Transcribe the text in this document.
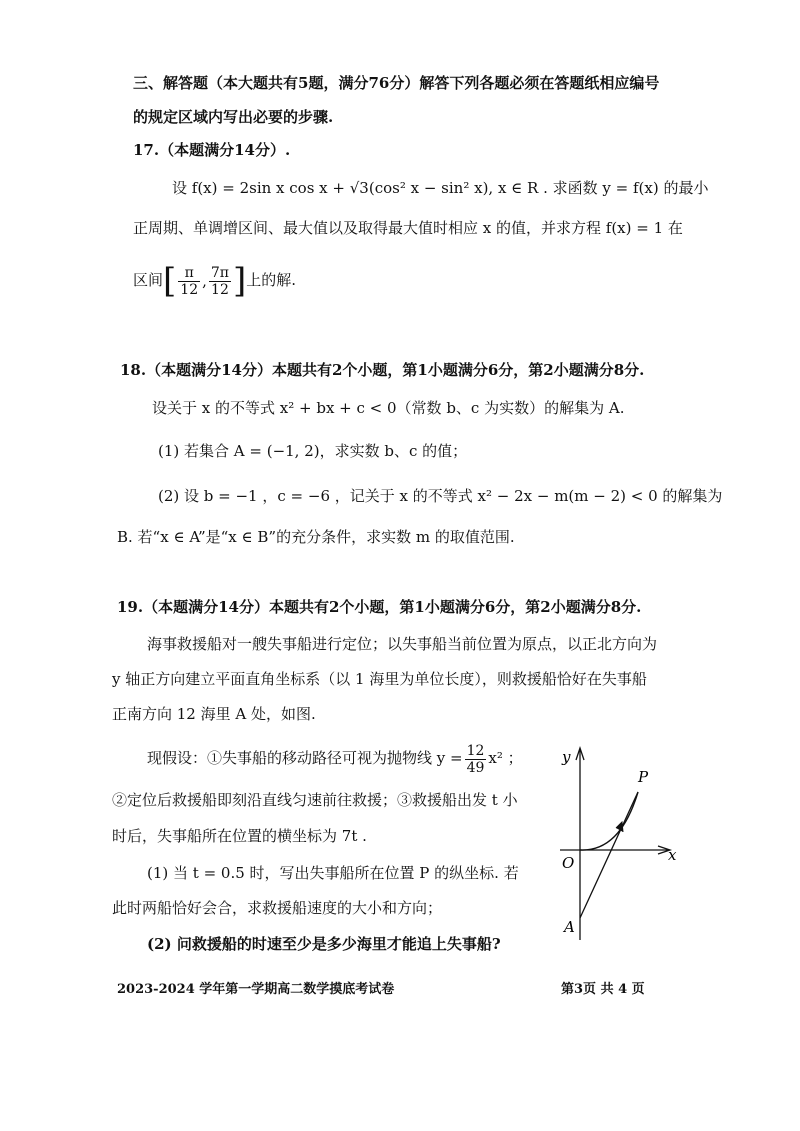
三、解答题（本大题共有5题，满分76分）解答下列各题必须在答题纸相应编号
的规定区域内写出必要的步骤.
17.（本题满分14分）.
设 f(x) = 2sin x cos x + √3(cos² x − sin² x), x ∈ R . 求函数 y = f(x) 的最小
正周期、单调增区间、最大值以及取得最大值时相应 x 的值，并求方程 f(x) = 1 在
区间[ $\frac{\pi}{12}$ , $\frac{7\pi}{12}$ ]上的解.
18.（本题满分14分）本题共有2个小题，第1小题满分6分，第2小题满分8分.
设关于 x 的不等式 x² + bx + c < 0（常数 b、c 为实数）的解集为 A.
(1) 若集合 A = (−1, 2)，求实数 b、c 的值；
(2) 设 b = −1 ，c = −6 ，记关于 x 的不等式 x² − 2x − m(m − 2) < 0 的解集为
B. 若“x ∈ A”是“x ∈ B”的充分条件，求实数 m 的取值范围.
19.（本题满分14分）本题共有2个小题，第1小题满分6分，第2小题满分8分.
海事救援船对一艘失事船进行定位；以失事船当前位置为原点，以正北方向为
y 轴正方向建立平面直角坐标系（以 1 海里为单位长度），则救援船恰好在失事船
正南方向 12 海里 A 处，如图.
现假设：①失事船的移动路径可视为抛物线 $y = \frac{12}{49} x^2$ ；
②定位后救援船即刻沿直线匀速前往救援；③救援船出发 t 小
时后，失事船所在位置的横坐标为 7t .
(1) 当 t = 0.5 时，写出失事船所在位置 P 的纵坐标. 若
此时两船恰好会合，求救援船速度的大小和方向；
(2) 问救援船的时速至少是多少海里才能追上失事船?
y
x
O
P
A
2023-2024 学年第一学期高二数学摸底考试卷	第3页 共 4 页
